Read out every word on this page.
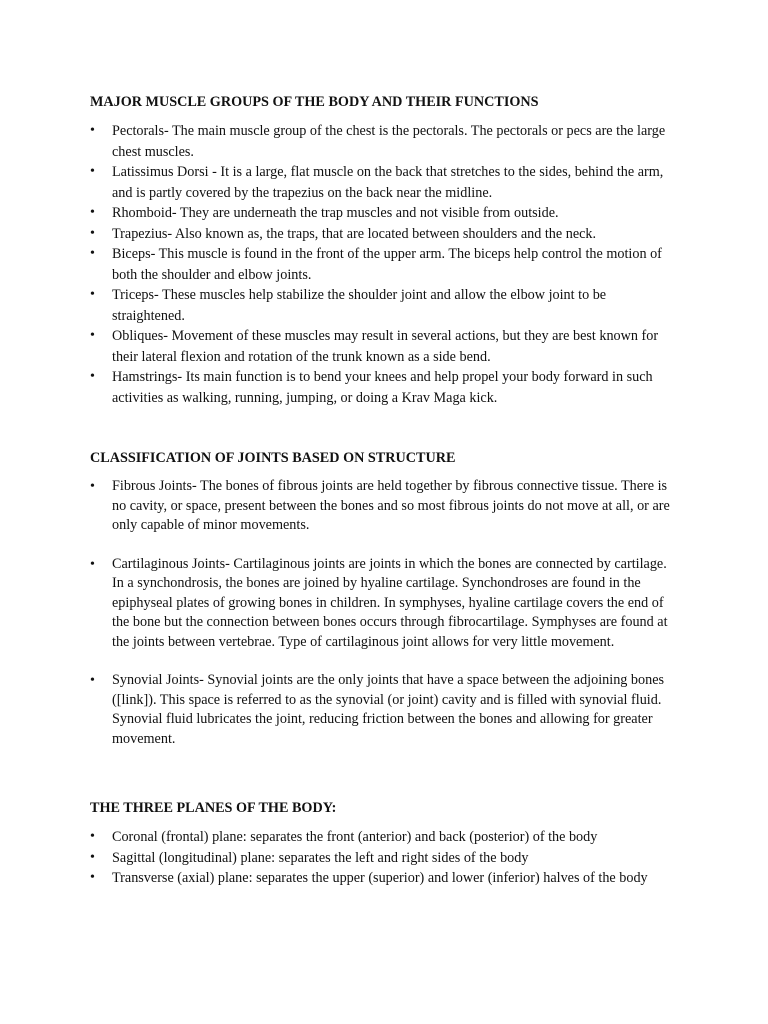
MAJOR MUSCLE GROUPS OF THE BODY AND THEIR FUNCTIONS
•	Pectorals- The main muscle group of the chest is the pectorals. The pectorals or pecs are the large chest muscles.
•	Latissimus Dorsi - It is a large, flat muscle on the back that stretches to the sides, behind the arm, and is partly covered by the trapezius on the back near the midline.
•	Rhomboid- They are underneath the trap muscles and not visible from outside.
•	Trapezius- Also known as, the traps, that are located between shoulders and the neck.
•	Biceps- This muscle is found in the front of the upper arm. The biceps help control the motion of both the shoulder and elbow joints.
•	Triceps- These muscles help stabilize the shoulder joint and allow the elbow joint to be straightened.
•	Obliques- Movement of these muscles may result in several actions, but they are best known for their lateral flexion and rotation of the trunk known as a side bend.
•	Hamstrings- Its main function is to bend your knees and help propel your body forward in such activities as walking, running, jumping, or doing a Krav Maga kick.
CLASSIFICATION OF JOINTS BASED ON STRUCTURE
•	Fibrous Joints- The bones of fibrous joints are held together by fibrous connective tissue. There is no cavity, or space, present between the bones and so most fibrous joints do not move at all, or are only capable of minor movements.
•	Cartilaginous Joints- Cartilaginous joints are joints in which the bones are connected by cartilage. In a synchondrosis, the bones are joined by hyaline cartilage. Synchondroses are found in the epiphyseal plates of growing bones in children. In symphyses, hyaline cartilage covers the end of the bone but the connection between bones occurs through fibrocartilage. Symphyses are found at the joints between vertebrae. Type of cartilaginous joint allows for very little movement.
•	Synovial Joints- Synovial joints are the only joints that have a space between the adjoining bones ([link]). This space is referred to as the synovial (or joint) cavity and is filled with synovial fluid. Synovial fluid lubricates the joint, reducing friction between the bones and allowing for greater movement.
THE THREE PLANES OF THE BODY:
•	Coronal (frontal) plane: separates the front (anterior) and back (posterior) of the body
•	Sagittal (longitudinal) plane: separates the left and right sides of the body
•	Transverse (axial) plane: separates the upper (superior) and lower (inferior) halves of the body
